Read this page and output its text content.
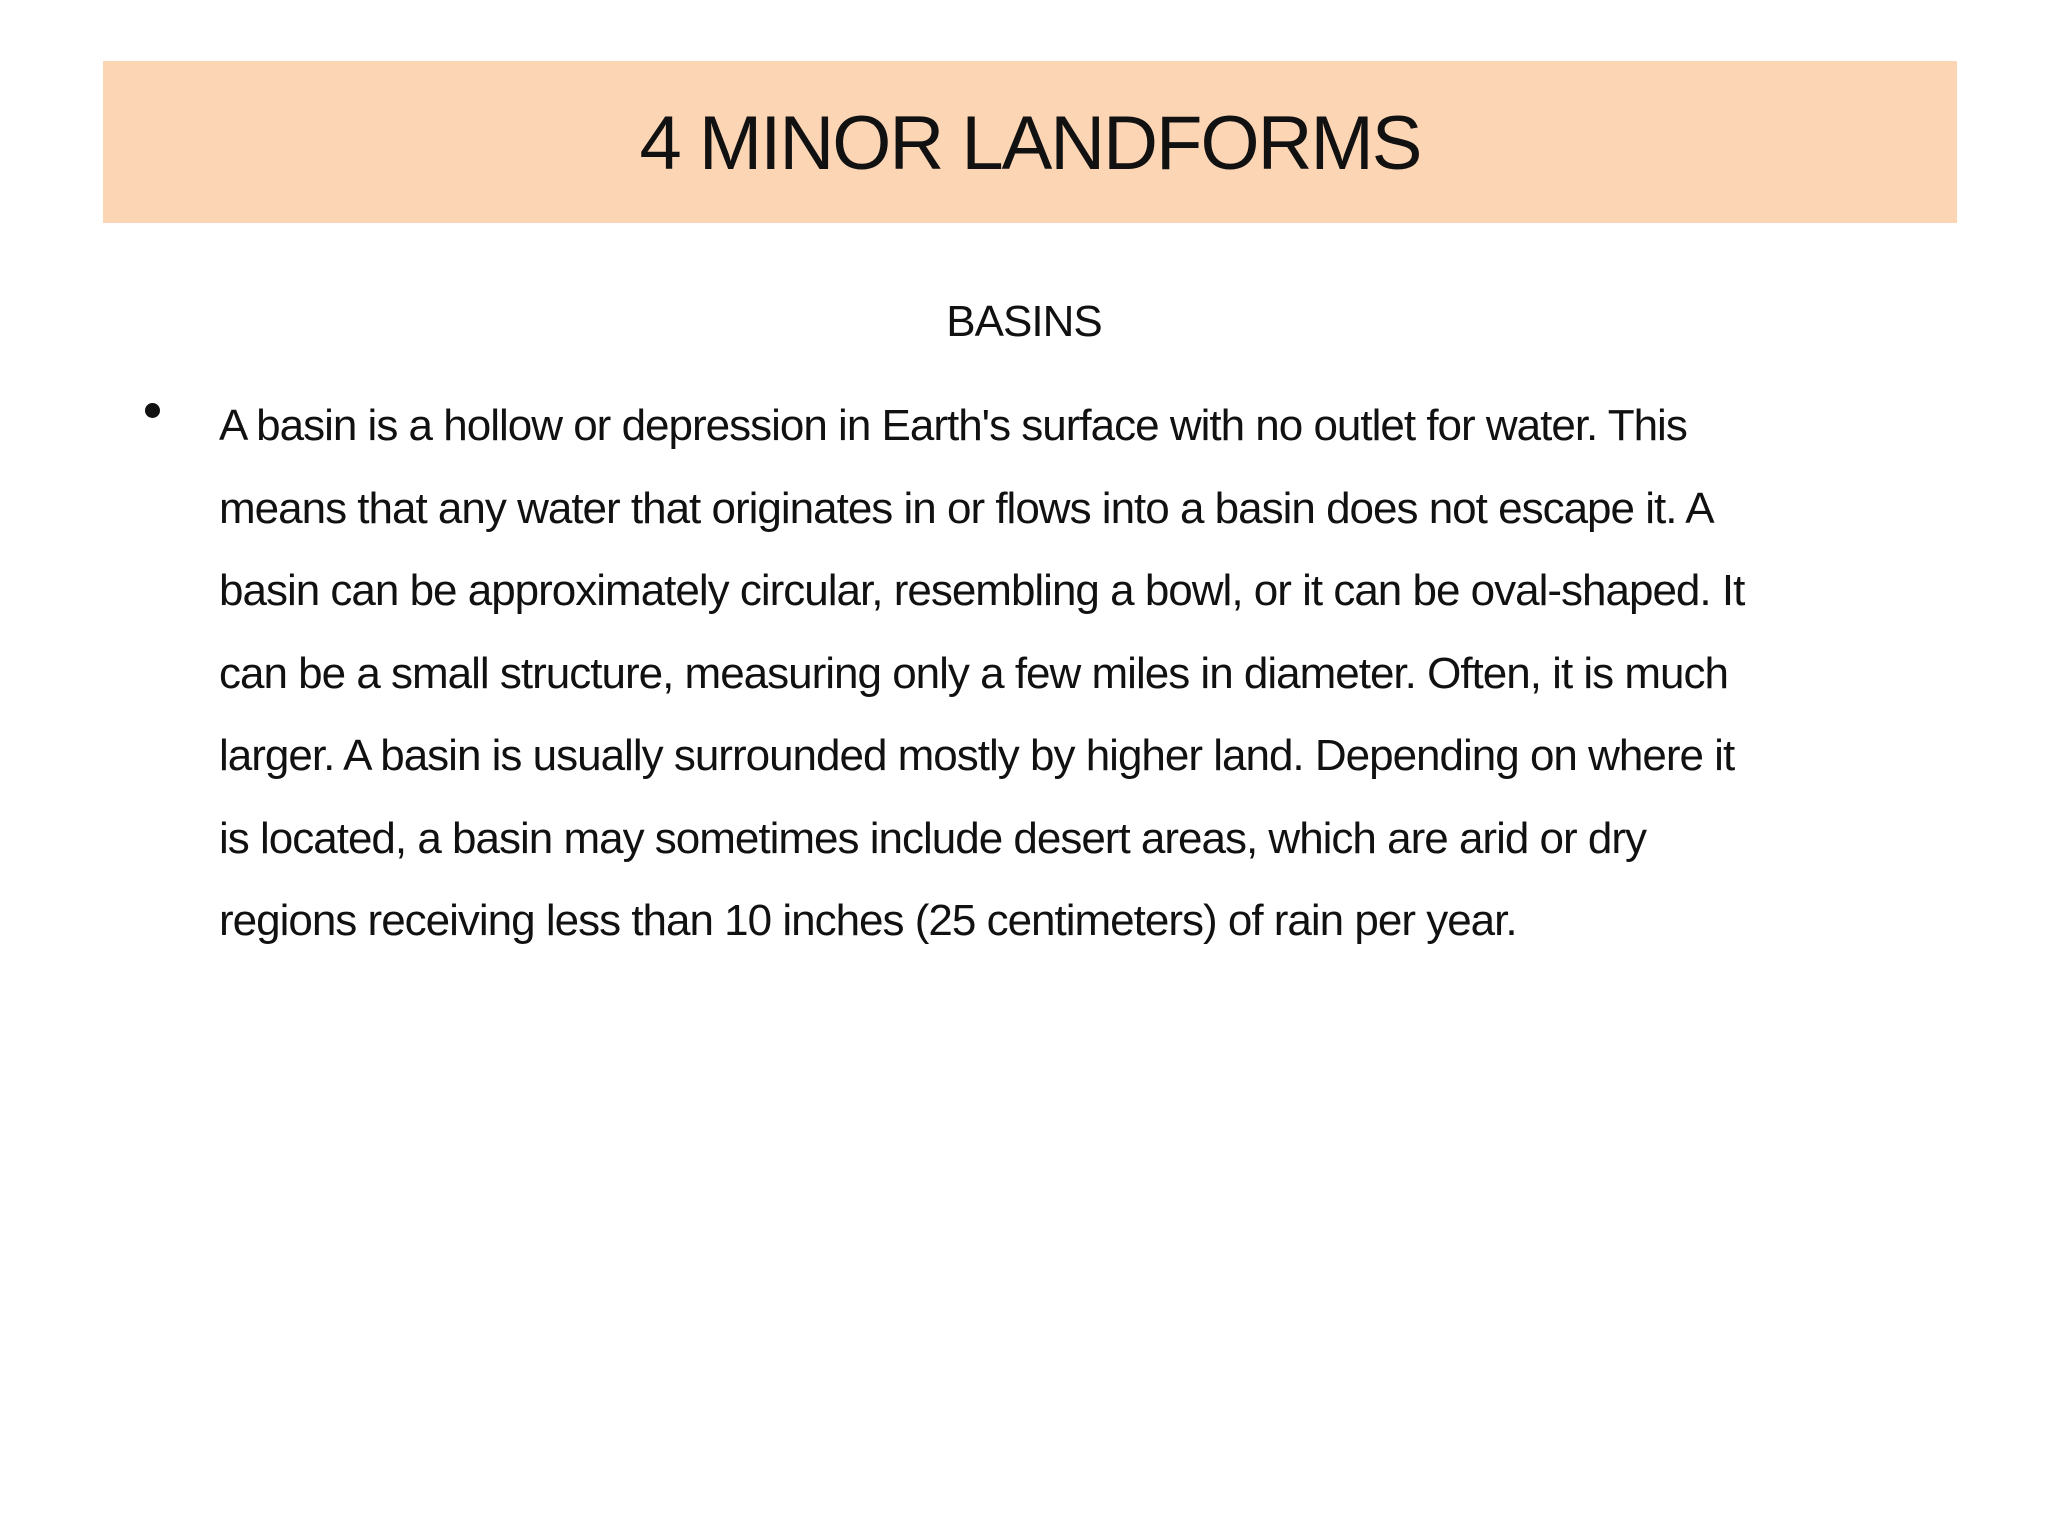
4 MINOR LANDFORMS
BASINS

A basin is a hollow or depression in Earth's surface with no outlet for water. This
means that any water that originates in or flows into a basin does not escape it. A
basin can be approximately circular, resembling a bowl, or it can be oval-shaped. It
can be a small structure, measuring only a few miles in diameter. Often, it is much
larger. A basin is usually surrounded mostly by higher land. Depending on where it
is located, a basin may sometimes include desert areas, which are arid or dry
regions receiving less than 10 inches (25 centimeters) of rain per year.
